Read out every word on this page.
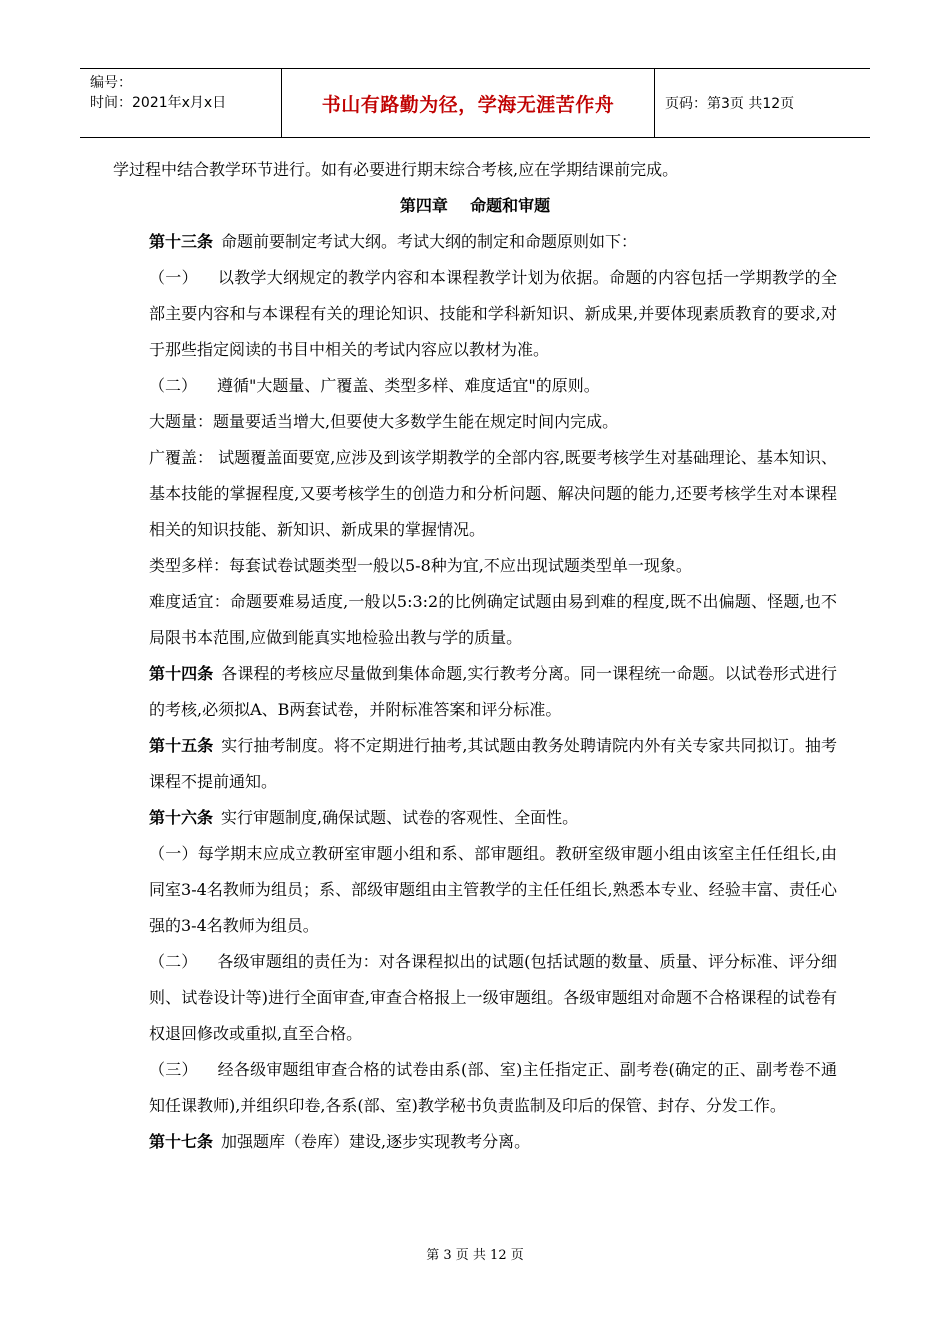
编号：
时间：2021年x月x日	书山有路勤为径，学海无涯苦作舟	页码：第3页 共12页

学过程中结合教学环节进行。如有必要进行期末综合考核,应在学期结课前完成。

第四章    命题和审题

第十三条 命题前要制定考试大纲。考试大纲的制定和命题原则如下：

（一） 以教学大纲规定的教学内容和本课程教学计划为依据。命题的内容包括一学期教学的全部主要内容和与本课程有关的理论知识、技能和学科新知识、新成果,并要体现素质教育的要求,对于那些指定阅读的书目中相关的考试内容应以教材为准。

（二） 遵循"大题量、广覆盖、类型多样、难度适宜"的原则。

大题量：题量要适当增大,但要使大多数学生能在规定时间内完成。

广覆盖： 试题覆盖面要宽,应涉及到该学期教学的全部内容,既要考核学生对基础理论、基本知识、基本技能的掌握程度,又要考核学生的创造力和分析问题、解决问题的能力,还要考核学生对本课程相关的知识技能、新知识、新成果的掌握情况。

类型多样：每套试卷试题类型一般以5-8种为宜,不应出现试题类型单一现象。

难度适宜：命题要难易适度,一般以5:3:2的比例确定试题由易到难的程度,既不出偏题、怪题,也不局限书本范围,应做到能真实地检验出教与学的质量。

第十四条 各课程的考核应尽量做到集体命题,实行教考分离。同一课程统一命题。以试卷形式进行的考核,必须拟A、B两套试卷，并附标准答案和评分标准。

第十五条 实行抽考制度。将不定期进行抽考,其试题由教务处聘请院内外有关专家共同拟订。抽考课程不提前通知。

第十六条 实行审题制度,确保试题、试卷的客观性、全面性。

（一）每学期末应成立教研室审题小组和系、部审题组。教研室级审题小组由该室主任任组长,由同室3-4名教师为组员；系、部级审题组由主管教学的主任任组长,熟悉本专业、经验丰富、责任心强的3-4名教师为组员。

（二） 各级审题组的责任为：对各课程拟出的试题(包括试题的数量、质量、评分标准、评分细则、试卷设计等)进行全面审查,审查合格报上一级审题组。各级审题组对命题不合格课程的试卷有权退回修改或重拟,直至合格。

（三） 经各级审题组审查合格的试卷由系(部、室)主任指定正、副考卷(确定的正、副考卷不通知任课教师),并组织印卷,各系(部、室)教学秘书负责监制及印后的保管、封存、分发工作。

第十七条 加强题库（卷库）建设,逐步实现教考分离。

第 3 页 共 12 页
